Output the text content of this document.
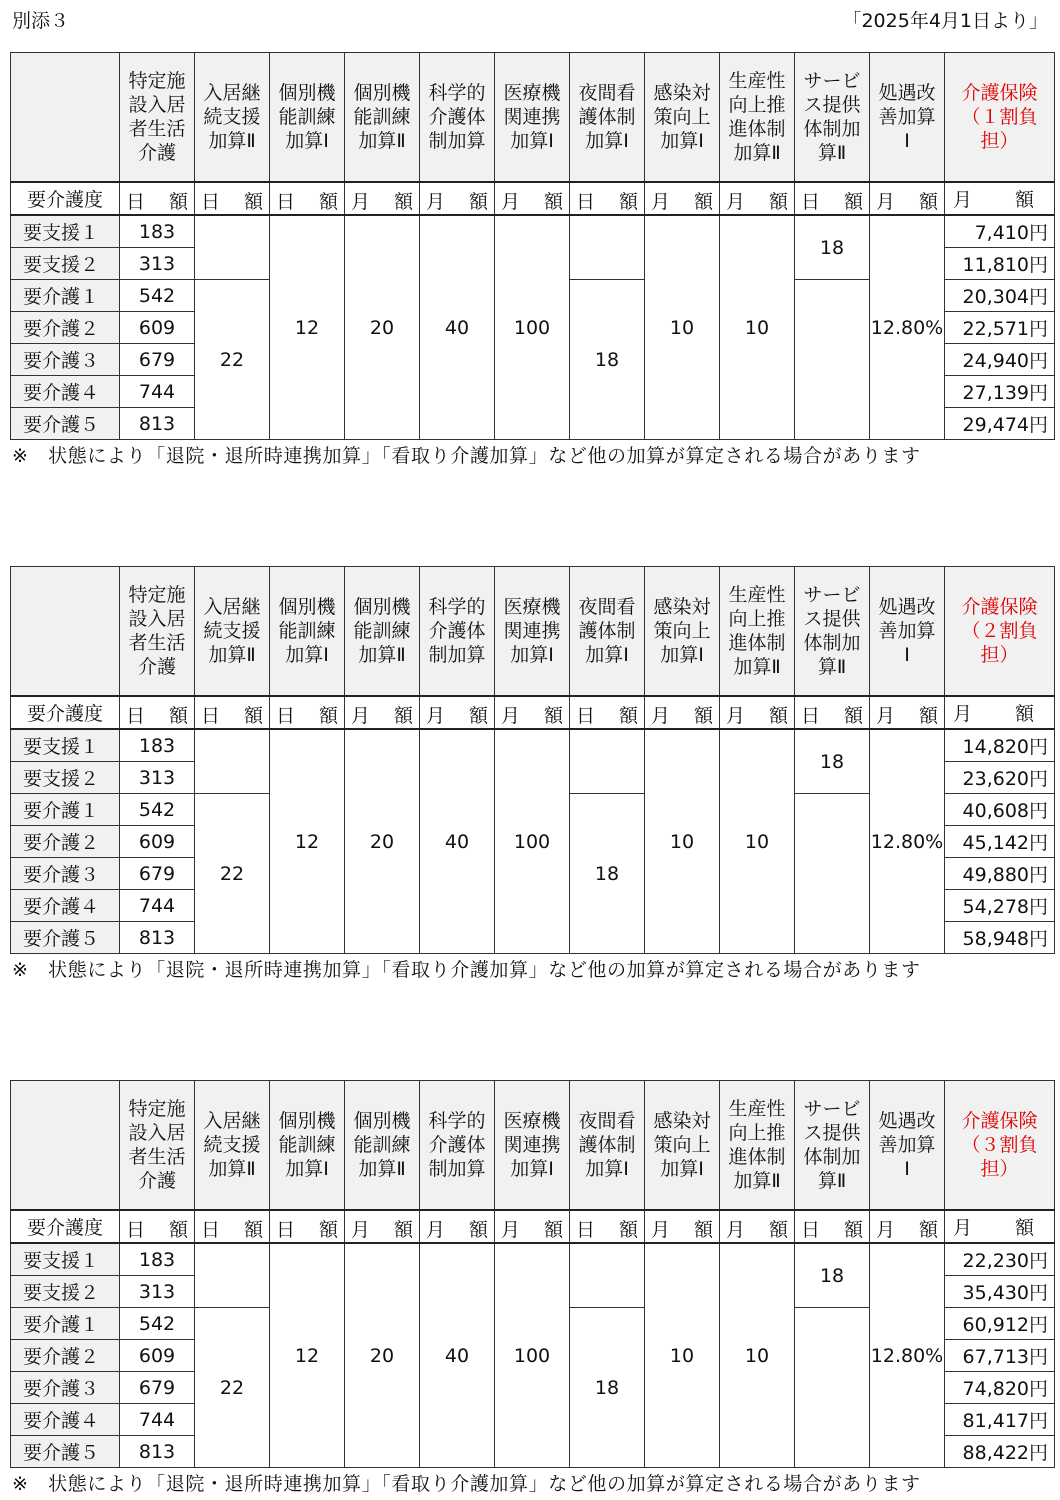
別添３	「2025年4月1日より」

	特定施
設入居
者生活
介護	入居継
続支援
加算Ⅱ	個別機
能訓練
加算Ⅰ	個別機
能訓練
加算Ⅱ	科学的
介護体
制加算	医療機
関連携
加算Ⅰ	夜間看
護体制
加算Ⅰ	感染対
策向上
加算Ⅰ	生産性
向上推
進体制
加算Ⅱ	サービ
ス提供
体制加
算Ⅱ	処遇改
善加算
Ⅰ	介護保険
（１割負
担）

要介護度	日 額	日 額	日 額	月 額	月 額	月 額	日 額	月 額	月 額	日 額	月 額	月　額
要支援１	183		12	20	40	100		10	10	18	12.80%	7,410円
要支援２	313											11,810円
要介護１	542	22					18					20,304円
要介護２	609											22,571円
要介護３	679											24,940円
要介護４	744											27,139円
要介護５	813											29,474円
※　状態により「退院・退所時連携加算」「看取り介護加算」など他の加算が算定される場合があります

	特定施
設入居
者生活
介護	入居継
続支援
加算Ⅱ	個別機
能訓練
加算Ⅰ	個別機
能訓練
加算Ⅱ	科学的
介護体
制加算	医療機
関連携
加算Ⅰ	夜間看
護体制
加算Ⅰ	感染対
策向上
加算Ⅰ	生産性
向上推
進体制
加算Ⅱ	サービ
ス提供
体制加
算Ⅱ	処遇改
善加算
Ⅰ	介護保険
（２割負
担）

要介護度	日 額	日 額	日 額	月 額	月 額	月 額	日 額	月 額	月 額	日 額	月 額	月　額
要支援１	183		12	20	40	100		10	10	18	12.80%	14,820円
要支援２	313											23,620円
要介護１	542	22					18					40,608円
要介護２	609											45,142円
要介護３	679											49,880円
要介護４	744											54,278円
要介護５	813											58,948円
※　状態により「退院・退所時連携加算」「看取り介護加算」など他の加算が算定される場合があります

	特定施
設入居
者生活
介護	入居継
続支援
加算Ⅱ	個別機
能訓練
加算Ⅰ	個別機
能訓練
加算Ⅱ	科学的
介護体
制加算	医療機
関連携
加算Ⅰ	夜間看
護体制
加算Ⅰ	感染対
策向上
加算Ⅰ	生産性
向上推
進体制
加算Ⅱ	サービ
ス提供
体制加
算Ⅱ	処遇改
善加算
Ⅰ	介護保険
（３割負
担）

要介護度	日 額	日 額	日 額	月 額	月 額	月 額	日 額	月 額	月 額	日 額	月 額	月　額
要支援１	183		12	20	40	100		10	10	18	12.80%	22,230円
要支援２	313											35,430円
要介護１	542	22					18					60,912円
要介護２	609											67,713円
要介護３	679											74,820円
要介護４	744											81,417円
要介護５	813											88,422円
※　状態により「退院・退所時連携加算」「看取り介護加算」など他の加算が算定される場合があります
